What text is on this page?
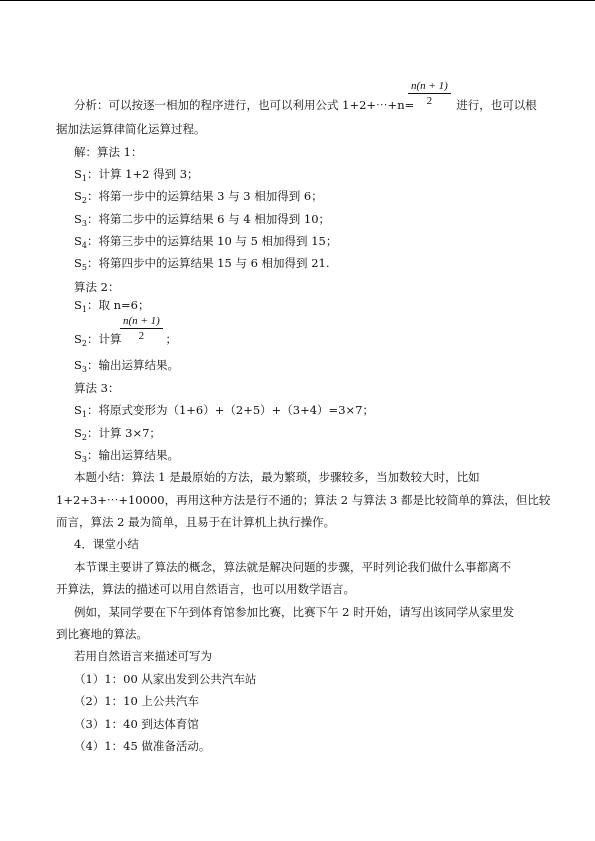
$\frac{n(n + 1)}{2}$
分析：可以按逐一相加的程序进行，也可以利用公式 1+2+⋯+n=	进行，也可以根
据加法运算律简化运算过程。
解：算法 1：
$S_1$：计算 1+2 得到 3；
$S_2$：将第一步中的运算结果 3 与 3 相加得到 6；
$S_3$：将第二步中的运算结果 6 与 4 相加得到 10；
$S_4$：将第三步中的运算结果 10 与 5 相加得到 15；
$S_5$：将第四步中的运算结果 15 与 6 相加得到 21.
算法 2：
$S_1$：取 n=6；
$\frac{n(n + 1)}{2}$
$S_2$：计算	；
$S_3$：输出运算结果。
算法 3：
$S_1$：将原式变形为（1+6）+（2+5）+（3+4）=3×7；
$S_2$：计算 3×7；
$S_3$：输出运算结果。
本题小结：算法 1 是最原始的方法，最为繁琐，步骤较多，当加数较大时，比如
1+2+3+⋯+10000，再用这种方法是行不通的；算法 2 与算法 3 都是比较简单的算法，但比较
而言，算法 2 最为简单，且易于在计算机上执行操作。
4．课堂小结
本节课主要讲了算法的概念，算法就是解决问题的步骤，平时列论我们做什么事都离不
开算法，算法的描述可以用自然语言，也可以用数学语言。
例如，某同学要在下午到体育馆参加比赛，比赛下午 2 时开始，请写出该同学从家里发
到比赛地的算法。
若用自然语言来描述可写为
（1）1：00 从家出发到公共汽车站
（2）1：10 上公共汽车
（3）1：40 到达体育馆
（4）1：45 做准备活动。
